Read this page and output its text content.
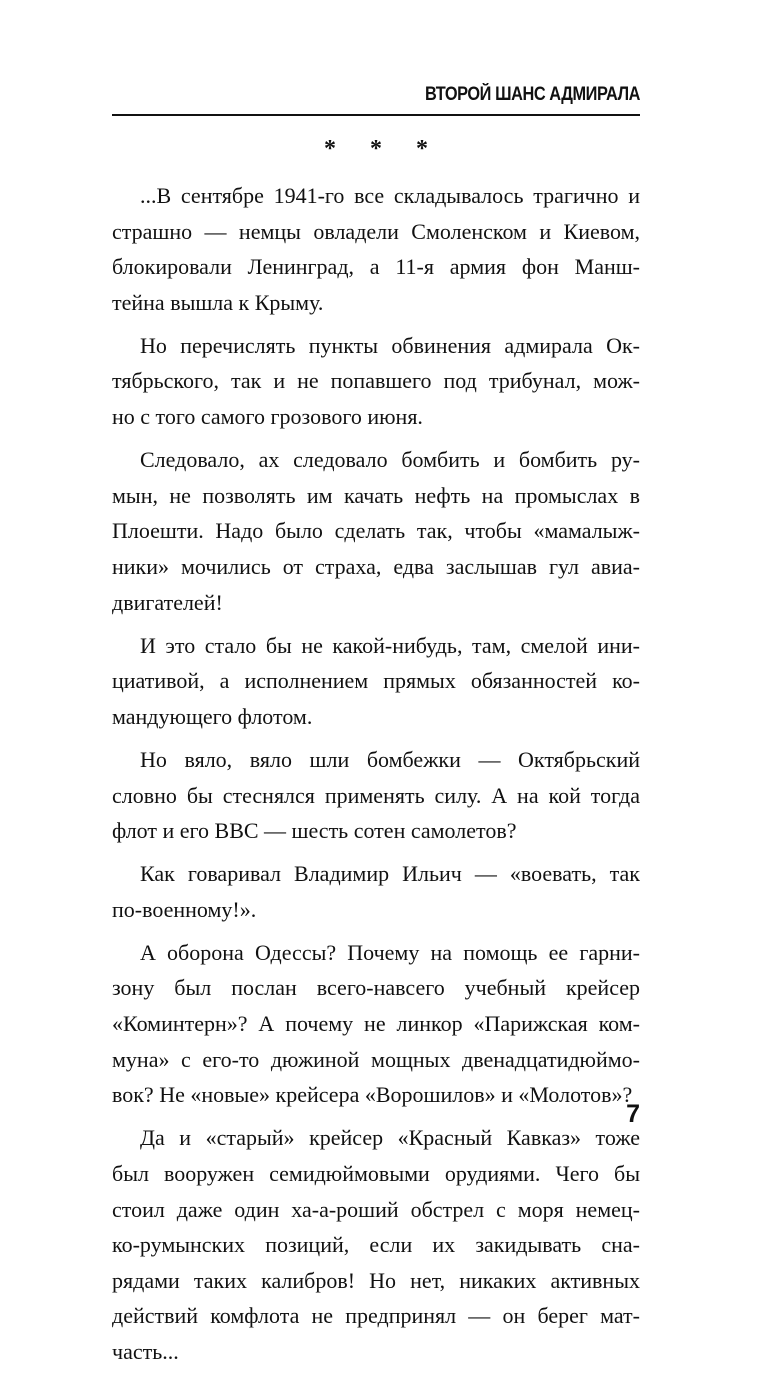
ВТОРОЙ ШАНС АДМИРАЛА
* * *
...В сентябре 1941-го все складывалось трагично и
страшно — немцы овладели Смоленском и Киевом,
блокировали Ленинград, а 11-я армия фон Манш-
тейна вышла к Крыму.
Но перечислять пункты обвинения адмирала Ок-
тябрьского, так и не попавшего под трибунал, мож-
но с того самого грозового июня.
Следовало, ах следовало бомбить и бомбить ру-
мын, не позволять им качать нефть на промыслах в
Плоешти. Надо было сделать так, чтобы «мамалыж-
ники» мочились от страха, едва заслышав гул авиа-
двигателей!
И это стало бы не какой-нибудь, там, смелой ини-
циативой, а исполнением прямых обязанностей ко-
мандующего флотом.
Но вяло, вяло шли бомбежки — Октябрьский
словно бы стеснялся применять силу. А на кой тогда
флот и его ВВС — шесть сотен самолетов?
Как говаривал Владимир Ильич — «воевать, так
по-военному!».
А оборона Одессы? Почему на помощь ее гарни-
зону был послан всего-навсего учебный крейсер
«Коминтерн»? А почему не линкор «Парижская ком-
муна» с его-то дюжиной мощных двенадцатидюймо-
вок? Не «новые» крейсера «Ворошилов» и «Молотов»?
Да и «старый» крейсер «Красный Кавказ» тоже
был вооружен семидюймовыми орудиями. Чего бы
стоил даже один ха-а-роший обстрел с моря немец-
ко-румынских позиций, если их закидывать сна-
рядами таких калибров! Но нет, никаких активных
действий комфлота не предпринял — он берег мат-
часть...
7
